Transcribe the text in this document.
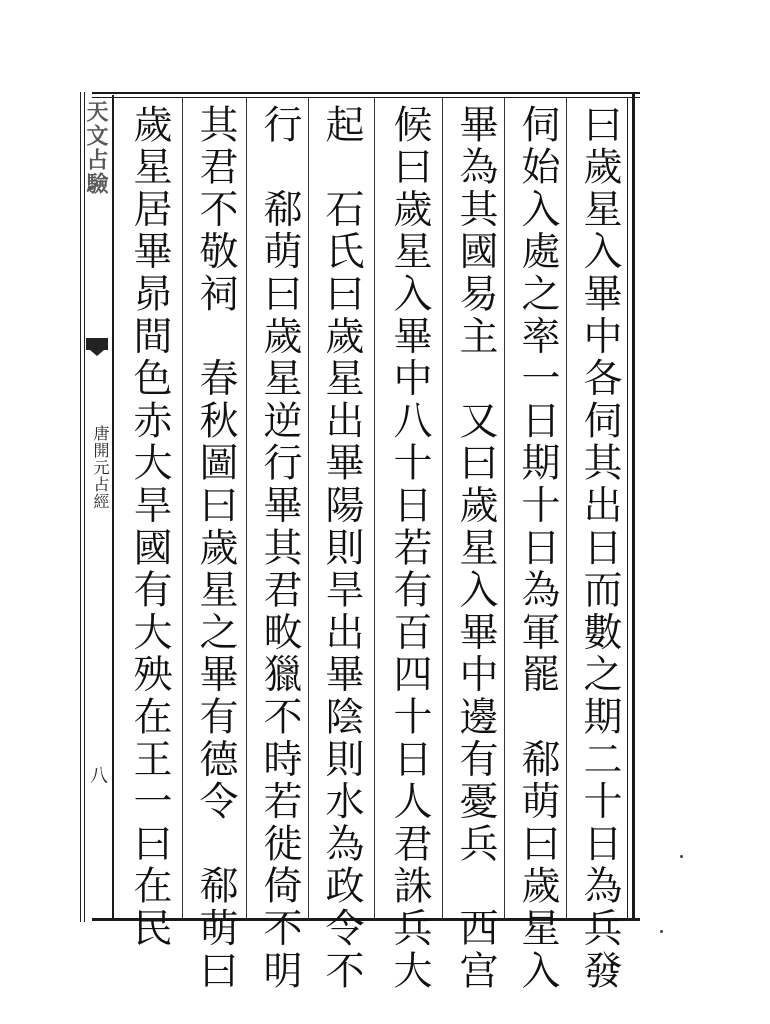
天文占驗
唐開元占經
八	曰歲星入畢中各伺其出日而數之期二十日為兵發
伺始入處之率一日期十日為軍罷　郗萌曰歲星入
畢為其國易主　又曰歲星入畢中邊有憂兵　西宫
候曰歲星入畢中八十日若有百四十日人君誅兵大
起　石氏曰歲星出畢陽則旱出畢陰則水為政令不
行　郗萌曰歲星逆行畢其君畋獵不時若徙倚不明
其君不敬祠　春秋圖曰歲星之畢有德令　郗萌曰
歲星居畢昴間色赤大旱國有大殃在王一曰在民
